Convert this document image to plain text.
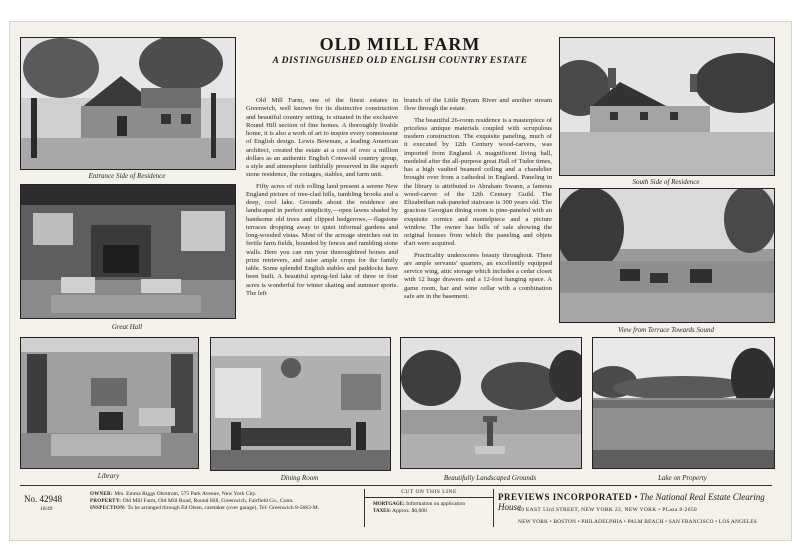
Entrance Side of Residence
Great Hall
South Side of Residence
View from Terrace Towards Sound
Library	Dining Room	Beautifully Landscaped Grounds	Lake on Property
OLD MILL FARM
A DISTINGUISHED OLD ENGLISH COUNTRY ESTATE

Old Mill Farm, one of the finest estates in Greenwich, well known for its distinctive construction and beautiful country setting, is situated in the exclusive Round Hill section of fine homes. A thoroughly livable home, it is also a work of art to inspire every connoisseur of English design. Lewis Bowman, a leading American architect, created the estate at a cost of over a million dollars as an authentic English Cotswold country group, a style and atmosphere faithfully preserved in the superb stone residence, the cottages, stables, and farm unit.

Fifty acres of rich rolling land present a serene New England picture of tree-clad hills, tumbling brooks and a deep, cool lake. Grounds about the residence are landscaped in perfect simplicity,—open lawns shaded by handsome old trees and clipped hedgerows,—flagstone terraces dropping away to quiet informal gardens and long-wooded vistas. Most of the acreage stretches out in fertile farm fields, bounded by fences and rambling stone walls. Here you can run your thoroughbred horses and prize retrievers, and raise ample crops for the family table. Some splendid English stables and paddocks have been built. A beautiful spring-fed lake of three or four acres is wonderful for winter skating and summer sports. The left

branch of the Little Byram River and another stream flow through the estate.

The beautiful 26-room residence is a masterpiece of priceless antique materials coupled with scrupulous modern construction. The exquisite paneling, much of it executed by 12th Century wood-carvers, was imported from England. A magnificent living hall, modeled after the all-purpose great Hall of Tudor times, has a high vaulted beamed ceiling and a chandelier brought over from a cathedral in England. Paneling in the library is attributed to Abraham Swann, a famous wood-carver of the 12th Century Guild. The Elizabethan oak-paneled staircase is 300 years old. The gracious Georgian dining room is pine-paneled with an exquisite cornice and mantelpiece and a picture window. The owner has bills of sale showing the original houses from which the paneling and objets d'art were acquired.

Practicality underscores beauty throughout. There are ample servants' quarters, an excellently equipped service wing, attic storage which includes a cedar closet with 12 huge drawers and a 12-foot hanging space. A game room, bar and wine cellar with a combination safe are in the basement.

No. 42948
10/49
OWNER: Mrs. Emma Riggs Ohrstrom, 575 Park Avenue, New York City.
PROPERTY: Old Mill Farm, Old Mill Road, Round Hill, Greenwich, Fairfield Co., Conn.
INSPECTION: To be arranged through Ed Olsen, caretaker (over garage), Tel: Greenwich 8-5683-M.
CUT ON THIS LINE
MORTGAGE: Information on application
TAXES: Approx. $6,000
PREVIEWS INCORPORATED • The National Real Estate Clearing House
49 EAST 53rd STREET, NEW YORK 22, NEW YORK • PLaza 8-2650
NEW YORK • BOSTON • PHILADELPHIA • PALM BEACH • SAN FRANCISCO • LOS ANGELES
